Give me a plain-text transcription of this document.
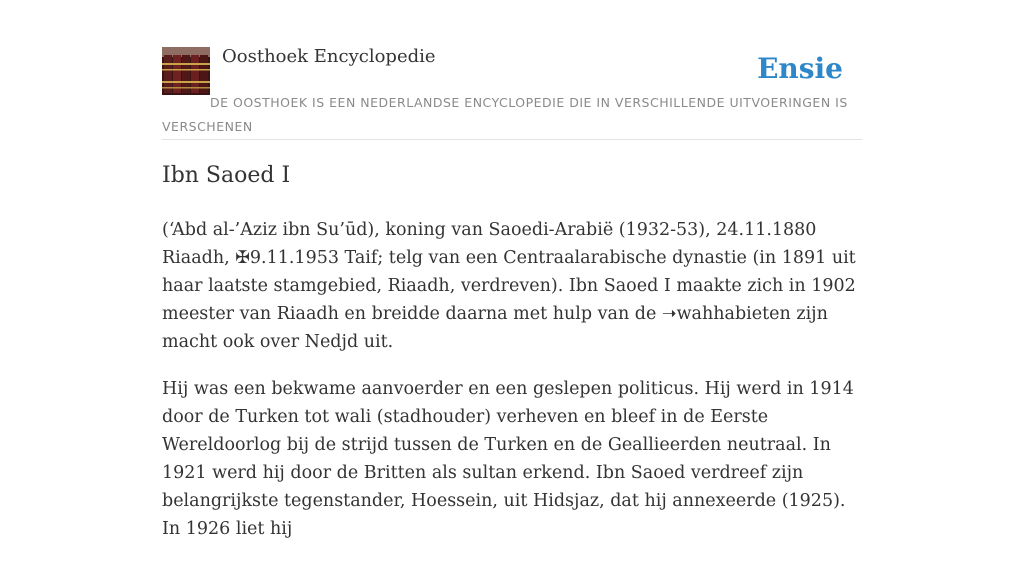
Oosthoek Encyclopedie	Ensie

DE OOSTHOEK IS EEN NEDERLANDSE ENCYCLOPEDIE DIE IN VERSCHILLENDE UITVOERINGEN IS VERSCHENEN

Ibn Saoed I

(‘Abd al-’Aziz ibn Su’ūd), koning van Saoedi-Arabië (1932-53), 24.11.1880 Riaadh, ✠9.11.1953 Taif; telg van een Centraalarabische dynastie (in 1891 uit haar laatste stamgebied, Riaadh, verdreven). Ibn Saoed I maakte zich in 1902 meester van Riaadh en breidde daarna met hulp van de ➝wahhabieten zijn macht ook over Nedjd uit.

Hij was een bekwame aanvoerder en een geslepen politicus. Hij werd in 1914 door de Turken tot wali (stadhouder) verheven en bleef in de Eerste Wereldoorlog bij de strijd tussen de Turken en de Geallieerden neutraal. In 1921 werd hij door de Britten als sultan erkend. Ibn Saoed verdreef zijn belangrijkste tegenstander, Hoessein, uit Hidsjaz, dat hij annexeerde (1925). In 1926 liet hij
